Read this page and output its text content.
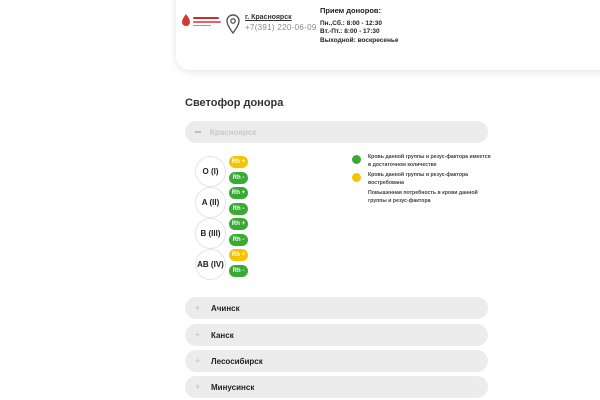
г. Красноярск
+7(391) 220-06-09
Прием доноров:
Пн.,Сб.: 8:00 - 12:30
Вт.-Пт.: 8:00 - 17:30
Выходной: воскресенье
Светофор донора
Красноярск
O (I)
Rh +
Rh -
A (II)
Rh +
Rh -
B (III)
Rh +
Rh -
AB (IV)
Rh +
Rh -
Кровь данной группы и резус-фактора имеется в достаточном количестве
Кровь данной группы и резус-фактора востребована
Повышенная потребность в крови данной группы и резус-фактора
+ Ачинск
+ Канск
+ Лесосибирск
+ Минусинск
